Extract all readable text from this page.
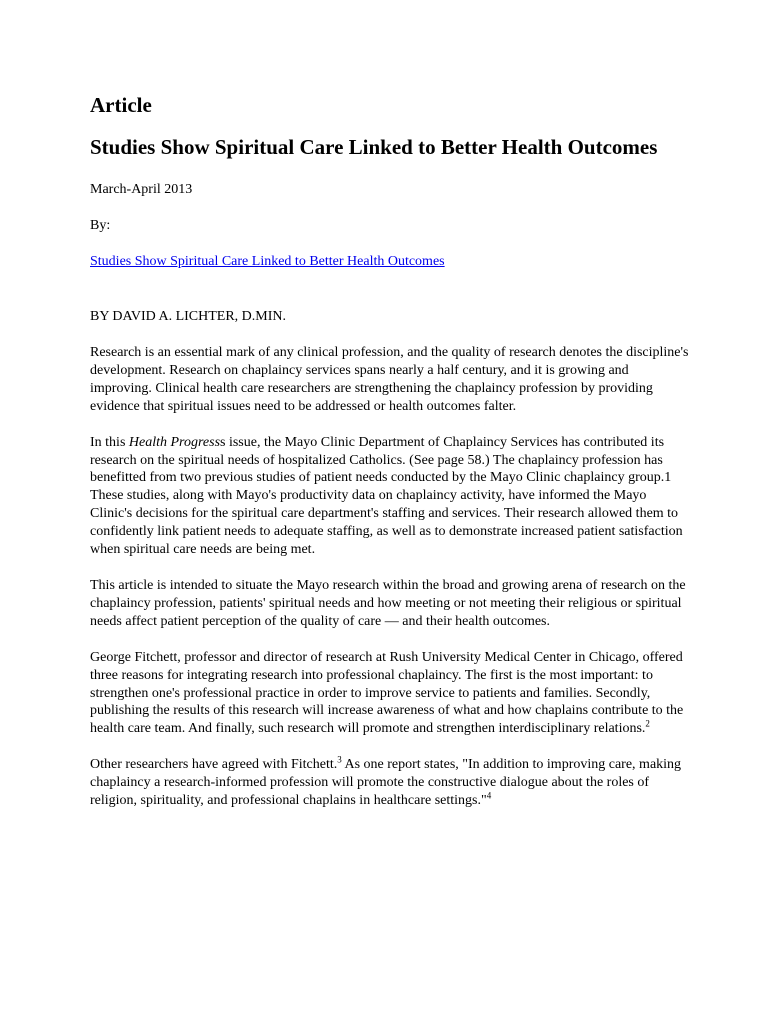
Article
Studies Show Spiritual Care Linked to Better Health Outcomes
March-April 2013
By:
Studies Show Spiritual Care Linked to Better Health Outcomes
BY DAVID A. LICHTER, D.MIN.

Research is an essential mark of any clinical profession, and the quality of research denotes the discipline's development. Research on chaplaincy services spans nearly a half century, and it is growing and improving. Clinical health care researchers are strengthening the chaplaincy profession by providing evidence that spiritual issues need to be addressed or health outcomes falter.

In this Health Progresss issue, the Mayo Clinic Department of Chaplaincy Services has contributed its research on the spiritual needs of hospitalized Catholics. (See page 58.) The chaplaincy profession has benefitted from two previous studies of patient needs conducted by the Mayo Clinic chaplaincy group.1 These studies, along with Mayo's productivity data on chaplaincy activity, have informed the Mayo Clinic's decisions for the spiritual care department's staffing and services. Their research allowed them to confidently link patient needs to adequate staffing, as well as to demonstrate increased patient satisfaction when spiritual care needs are being met.

This article is intended to situate the Mayo research within the broad and growing arena of research on the chaplaincy profession, patients' spiritual needs and how meeting or not meeting their religious or spiritual needs affect patient perception of the quality of care — and their health outcomes.

George Fitchett, professor and director of research at Rush University Medical Center in Chicago, offered three reasons for integrating research into professional chaplaincy. The first is the most important: to strengthen one's professional practice in order to improve service to patients and families. Secondly, publishing the results of this research will increase awareness of what and how chaplains contribute to the health care team. And finally, such research will promote and strengthen interdisciplinary relations.$^2$

Other researchers have agreed with Fitchett.$^3$ As one report states, "In addition to improving care, making chaplaincy a research-informed profession will promote the constructive dialogue about the roles of religion, spirituality, and professional chaplains in healthcare settings."$^4$
